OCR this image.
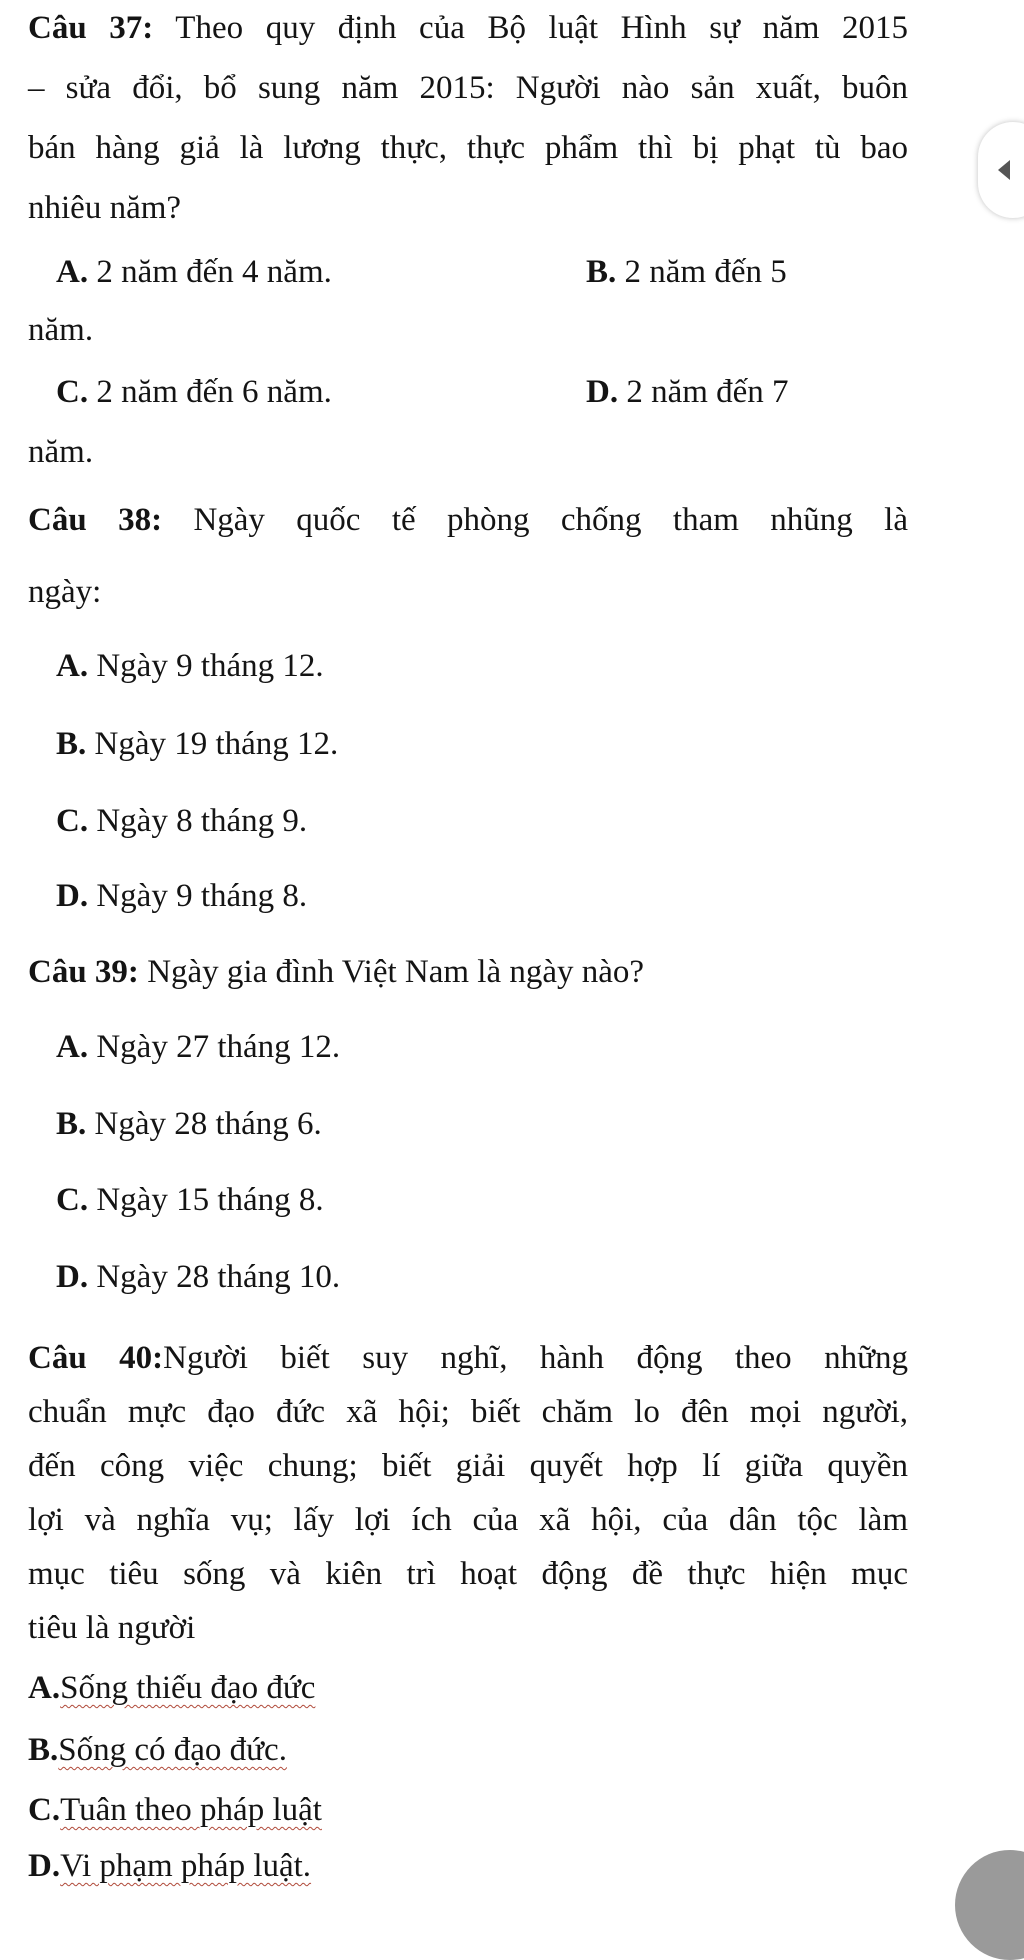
Câu 37: Theo quy định của Bộ luật Hình sự năm 2015
– sửa đổi, bổ sung năm 2015: Người nào sản xuất, buôn
bán hàng giả là lương thực, thực phẩm thì bị phạt tù bao
nhiêu năm?
A. 2 năm đến 4 năm.	B. 2 năm đến 5
năm.
C. 2 năm đến 6 năm.	D. 2 năm đến 7
năm.
Câu 38: Ngày quốc tế phòng chống tham nhũng là
ngày:
A. Ngày 9 tháng 12.
B. Ngày 19 tháng 12.
C. Ngày 8 tháng 9.
D. Ngày 9 tháng 8.
Câu 39: Ngày gia đình Việt Nam là ngày nào?
A. Ngày 27 tháng 12.
B. Ngày 28 tháng 6.
C. Ngày 15 tháng 8.
D. Ngày 28 tháng 10.
Câu 40:Người biết suy nghĩ, hành động theo những
chuẩn mực đạo đức xã hội; biết chăm lo đên mọi người,
đến công việc chung; biết giải quyết hợp lí giữa quyền
lợi và nghĩa vụ; lấy lợi ích của xã hội, của dân tộc làm
mục tiêu sống và kiên trì hoạt động đề thực hiện mục
tiêu là người
A.Sống thiếu đạo đức
B.Sống có đạo đức.
C.Tuân theo pháp luật
D.Vi phạm pháp luật.
